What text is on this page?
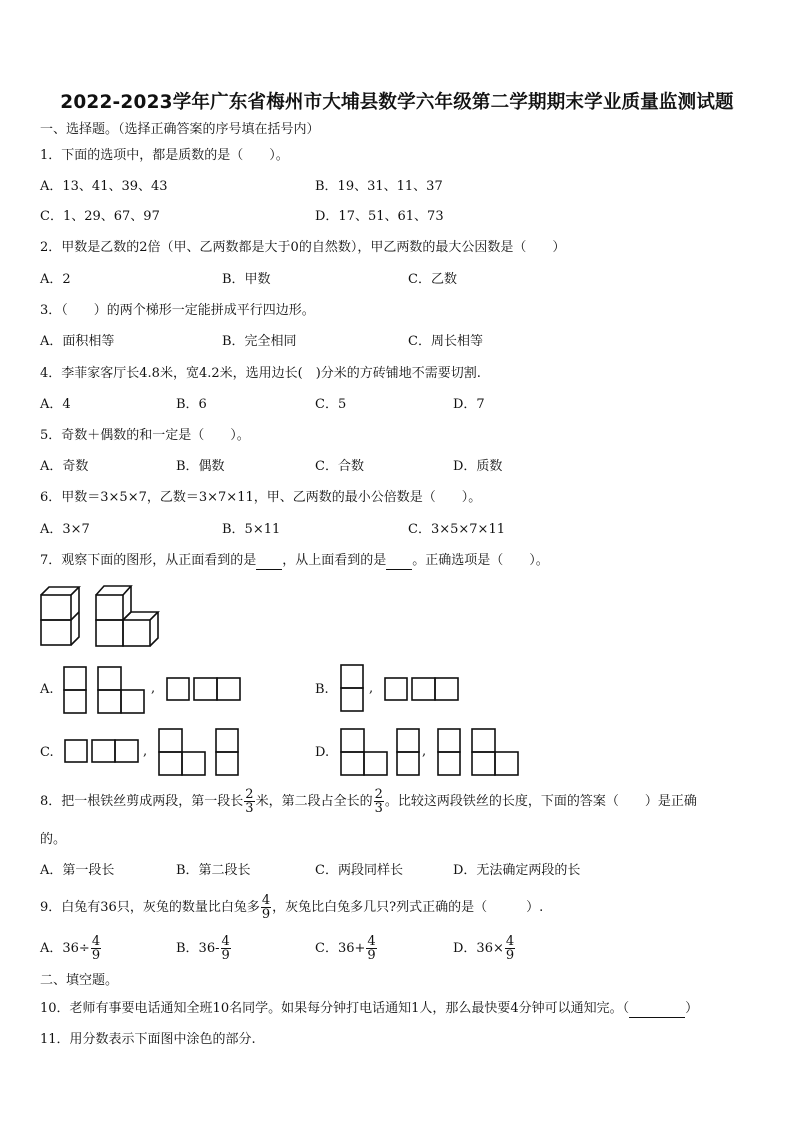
2022-2023学年广东省梅州市大埔县数学六年级第二学期期末学业质量监测试题
一、选择题。（选择正确答案的序号填在括号内）
1．下面的选项中，都是质数的是（　　）。
A．13、41、39、43	B．19、31、11、37
C．1、29、67、97	D．17、51、61、73
2．甲数是乙数的2倍（甲、乙两数都是大于0的自然数），甲乙两数的最大公因数是（　　）
A．2	B．甲数	C．乙数
3．（　　）的两个梯形一定能拼成平行四边形。
A．面积相等	B．完全相同	C．周长相等
4．李菲家客厅长4.8米，宽4.2米，选用边长(　)分米的方砖铺地不需要切割.
A．4	B．6	C．5	D．7
5．奇数＋偶数的和一定是（　　）。
A．奇数	B．偶数	C．合数	D．质数
6．甲数＝3×5×7，乙数＝3×7×11，甲、乙两数的最小公倍数是（　　）。
A．3×7	B．5×11	C．3×5×7×11
7．观察下面的图形，从正面看到的是 ，从上面看到的是 。正确选项是（　　）。
A.	,	B.	,
C.	,	D.	,
8．把一根铁丝剪成两段，第一段长 $\frac{2}{3}$ 米，第二段占全长的 $\frac{2}{3}$ 。比较这两段铁丝的长度，下面的答案（　　）是正确
的。
A．第一段长	B．第二段长	C．两段同样长	D．无法确定两段的长
9．白兔有36只，灰兔的数量比白兔多 $\frac{4}{9}$ ，灰兔比白兔多几只?列式正确的是（　　　）.
A．$36\div \frac{4}{9}$	B．$36- \frac{4}{9}$	C．$36+ \frac{4}{9}$	D．$36\times \frac{4}{9}$
二、填空题。
10．老师有事要电话通知全班10名同学。如果每分钟打电话通知1人，那么最快要4分钟可以通知完。（	）
11．用分数表示下面图中涂色的部分.
